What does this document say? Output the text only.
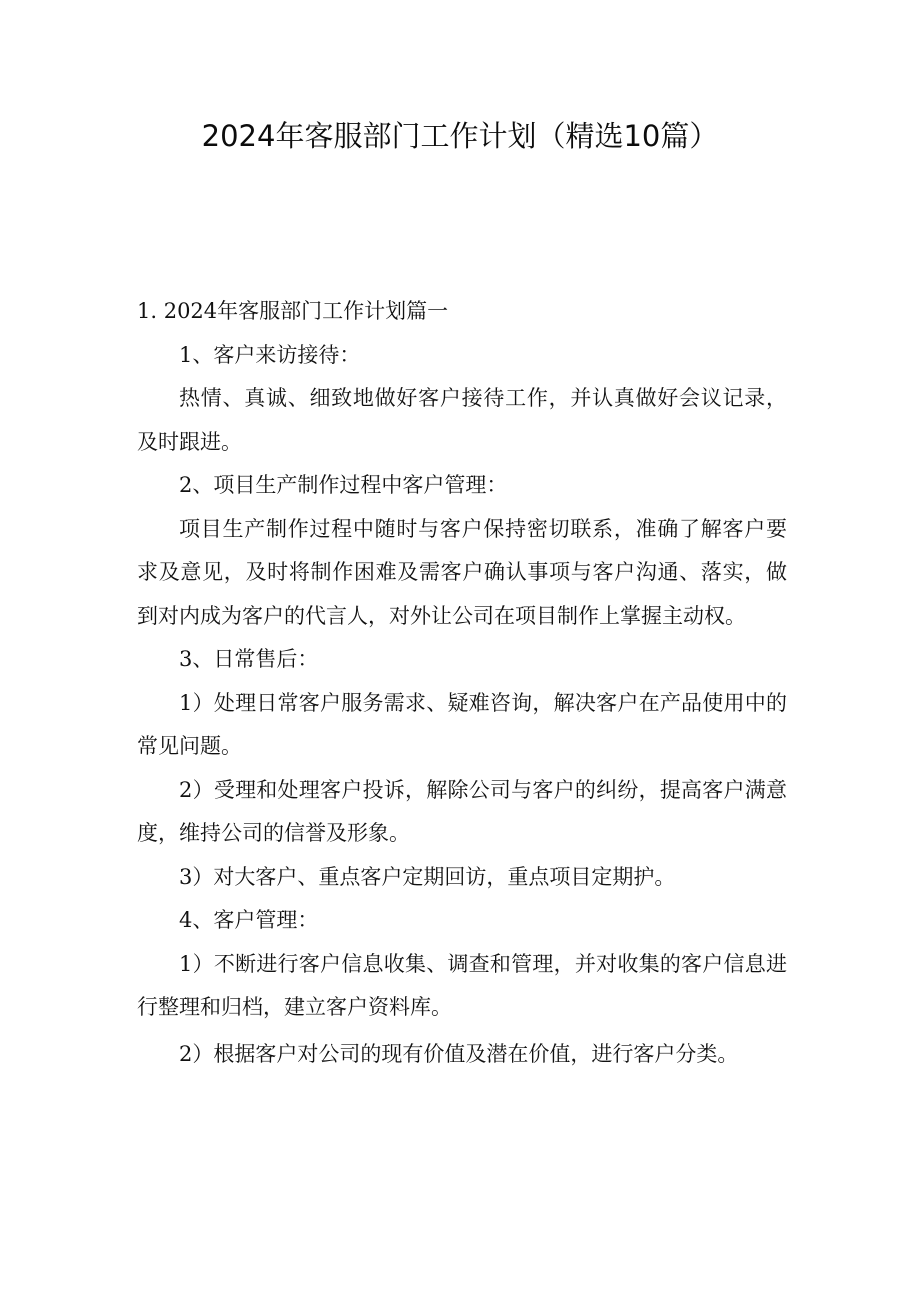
2024年客服部门工作计划（精选10篇）

1. 2024年客服部门工作计划篇一

1、客户来访接待：

热情、真诚、细致地做好客户接待工作，并认真做好会议记录，及时跟进。

2、项目生产制作过程中客户管理：

项目生产制作过程中随时与客户保持密切联系，准确了解客户要求及意见，及时将制作困难及需客户确认事项与客户沟通、落实，做到对内成为客户的代言人，对外让公司在项目制作上掌握主动权。

3、日常售后：

1）处理日常客户服务需求、疑难咨询，解决客户在产品使用中的常见问题。

2）受理和处理客户投诉，解除公司与客户的纠纷，提高客户满意度，维持公司的信誉及形象。

3）对大客户、重点客户定期回访，重点项目定期护。

4、客户管理：

1）不断进行客户信息收集、调查和管理，并对收集的客户信息进行整理和归档，建立客户资料库。

2）根据客户对公司的现有价值及潜在价值，进行客户分类。
